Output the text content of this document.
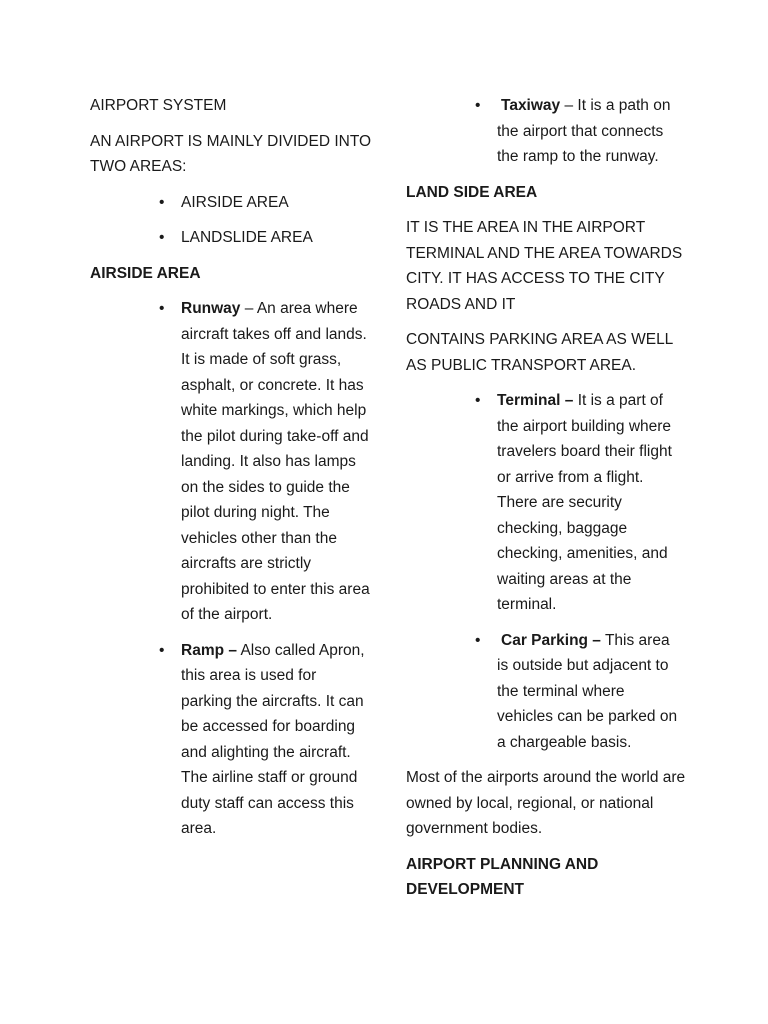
AIRPORT SYSTEM

AN AIRPORT IS MAINLY DIVIDED INTO TWO AREAS:

• AIRSIDE AREA
• LANDSLIDE AREA

AIRSIDE AREA

• Runway – An area where aircraft takes off and lands. It is made of soft grass, asphalt, or concrete. It has white markings, which help the pilot during take-off and landing. It also has lamps on the sides to guide the pilot during night. The vehicles other than the aircrafts are strictly prohibited to enter this area of the airport.
• Ramp – Also called Apron, this area is used for parking the aircrafts. It can be accessed for boarding and alighting the aircraft. The airline staff or ground duty staff can access this area.
• Taxiway – It is a path on the airport that connects the ramp to the runway.

LAND SIDE AREA

IT IS THE AREA IN THE AIRPORT TERMINAL AND THE AREA TOWARDS CITY. IT HAS ACCESS TO THE CITY ROADS AND IT

CONTAINS PARKING AREA AS WELL AS PUBLIC TRANSPORT AREA.

• Terminal – It is a part of the airport building where travelers board their flight or arrive from a flight. There are security checking, baggage checking, amenities, and waiting areas at the terminal.
• Car Parking – This area is outside but adjacent to the terminal where vehicles can be parked on a chargeable basis.

Most of the airports around the world are owned by local, regional, or national government bodies.

AIRPORT PLANNING AND DEVELOPMENT
